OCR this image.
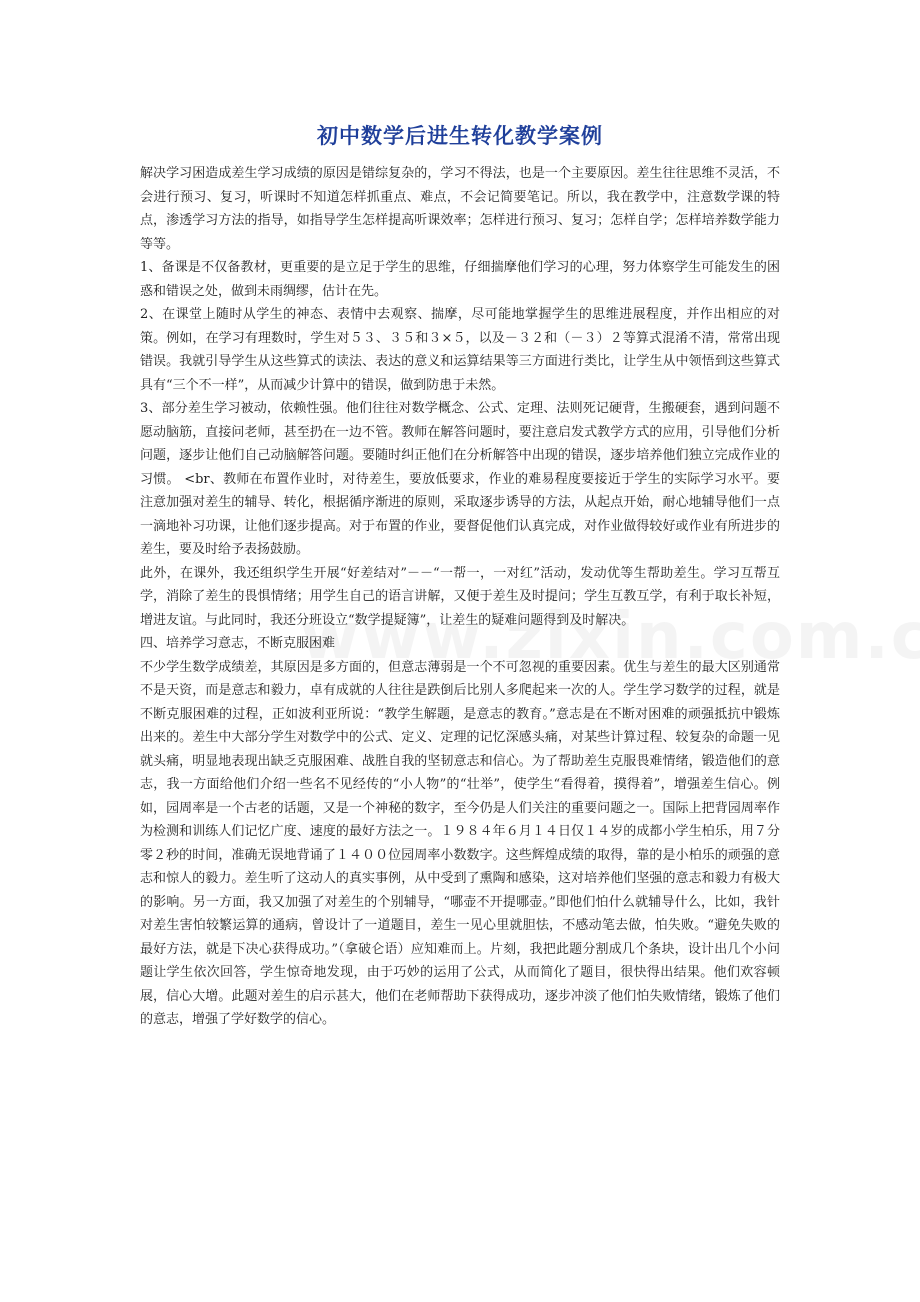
初中数学后进生转化教学案例

解决学习困造成差生学习成绩的原因是错综复杂的，学习不得法，也是一个主要原因。差生往往思维不灵活，不会进行预习、复习，听课时不知道怎样抓重点、难点，不会记简要笔记。所以，我在教学中，注意数学课的特点，渗透学习方法的指导，如指导学生怎样提高听课效率；怎样进行预习、复习；怎样自学；怎样培养数学能力等等。

1、备课是不仅备教材，更重要的是立足于学生的思维，仔细揣摩他们学习的心理，努力体察学生可能发生的困惑和错误之处，做到未雨绸缪，估计在先。

2、在课堂上随时从学生的神态、表情中去观察、揣摩，尽可能地掌握学生的思维进展程度，并作出相应的对策。例如，在学习有理数时，学生对５３、３５和３×５，以及－３２和（－３）２等算式混淆不清，常常出现错误。我就引导学生从这些算式的读法、表达的意义和运算结果等三方面进行类比，让学生从中领悟到这些算式具有“三个不一样”，从而减少计算中的错误，做到防患于未然。

3、部分差生学习被动，依赖性强。他们往往对数学概念、公式、定理、法则死记硬背，生搬硬套，遇到问题不愿动脑筋，直接问老师，甚至扔在一边不管。教师在解答问题时，要注意启发式教学方式的应用，引导他们分析问题，逐步让他们自己动脑解答问题。要随时纠正他们在分析解答中出现的错误，逐步培养他们独立完成作业的习惯。 <br、教师在布置作业时，对待差生，要放低要求，作业的难易程度要接近于学生的实际学习水平。要注意加强对差生的辅导、转化，根据循序渐进的原则，采取逐步诱导的方法，从起点开始，耐心地辅导他们一点一滴地补习功课，让他们逐步提高。对于布置的作业，要督促他们认真完成，对作业做得较好或作业有所进步的差生，要及时给予表扬鼓励。

此外，在课外，我还组织学生开展“好差结对”－－“一帮一，一对红”活动，发动优等生帮助差生。学习互帮互学，消除了差生的畏惧情绪；用学生自己的语言讲解，又便于差生及时提问；学生互教互学，有利于取长补短，增进友谊。与此同时，我还分班设立“数学提疑簿”，让差生的疑难问题得到及时解决。

四、培养学习意志，不断克服困难

不少学生数学成绩差，其原因是多方面的，但意志薄弱是一个不可忽视的重要因素。优生与差生的最大区别通常不是天资，而是意志和毅力，卓有成就的人往往是跌倒后比别人多爬起来一次的人。学生学习数学的过程，就是不断克服困难的过程，正如波利亚所说：“教学生解题，是意志的教育。”意志是在不断对困难的顽强抵抗中锻炼出来的。差生中大部分学生对数学中的公式、定义、定理的记忆深感头痛，对某些计算过程、较复杂的命题一见就头痛，明显地表现出缺乏克服困难、战胜自我的坚韧意志和信心。为了帮助差生克服畏难情绪，锻造他们的意志，我一方面给他们介绍一些名不见经传的“小人物”的“壮举”，使学生“看得着，摸得着”，增强差生信心。例如，园周率是一个古老的话题，又是一个神秘的数字，至今仍是人们关注的重要问题之一。国际上把背园周率作为检测和训练人们记忆广度、速度的最好方法之一。１９８４年６月１４日仅１４岁的成都小学生柏乐，用７分零２秒的时间，准确无误地背诵了１４００位园周率小数数字。这些辉煌成绩的取得，靠的是小柏乐的顽强的意志和惊人的毅力。差生听了这动人的真实事例，从中受到了熏陶和感染，这对培养他们坚强的意志和毅力有极大的影响。另一方面，我又加强了对差生的个别辅导，“哪壶不开提哪壶。”即他们怕什么就辅导什么，比如，我针对差生害怕较繁运算的通病，曾设计了一道题目，差生一见心里就胆怯，不感动笔去做，怕失败。“避免失败的最好方法，就是下决心获得成功。”（拿破仑语）应知难而上。片刻，我把此题分割成几个条块，设计出几个小问题让学生依次回答，学生惊奇地发现，由于巧妙的运用了公式，从而简化了题目，很快得出结果。他们欢容顿展，信心大增。此题对差生的启示甚大，他们在老师帮助下获得成功，逐步冲淡了他们怕失败情绪，锻炼了他们的意志，增强了学好数学的信心。
